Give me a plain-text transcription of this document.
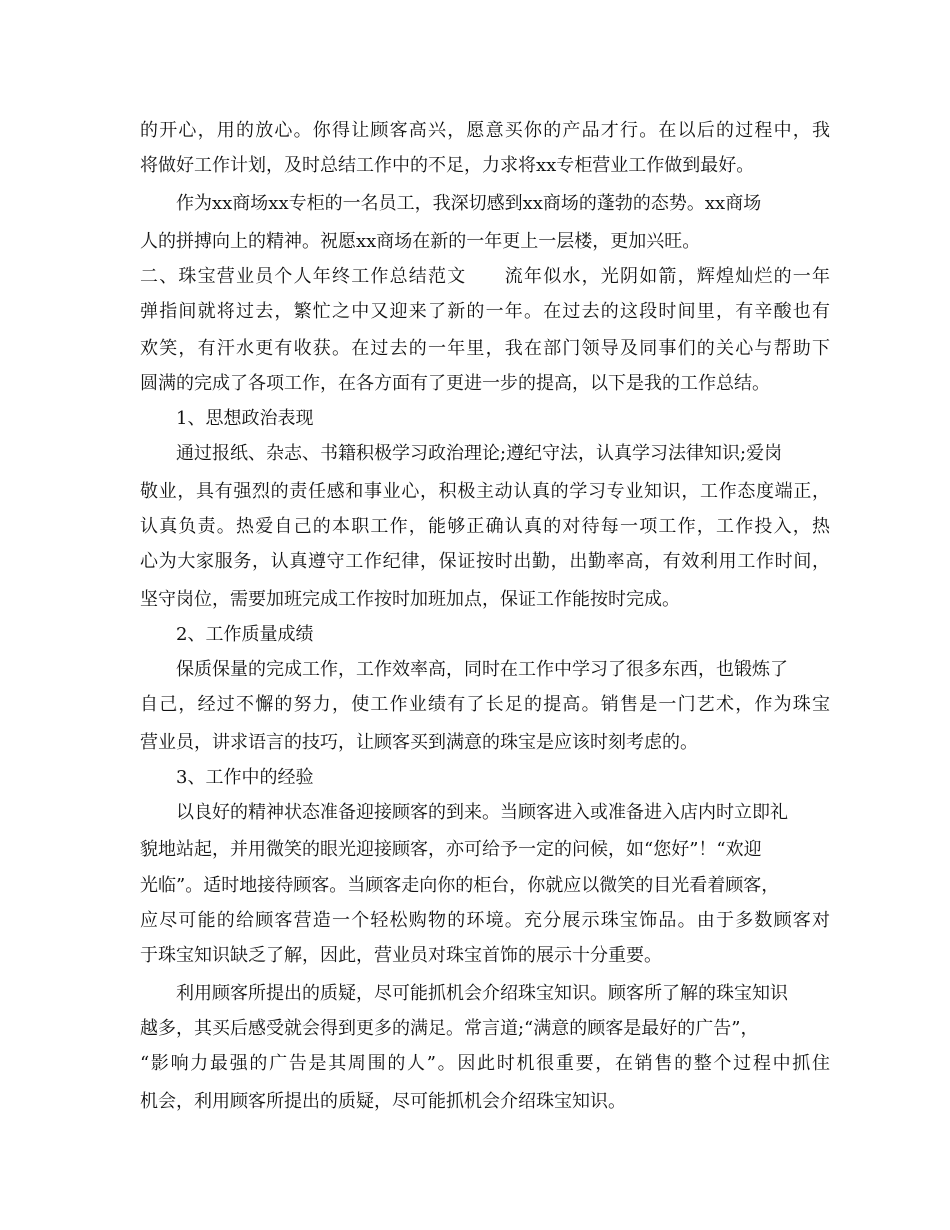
的开心，用的放心。你得让顾客高兴，愿意买你的产品才行。在以后的过程中，我
将做好工作计划，及时总结工作中的不足，力求将xx专柜营业工作做到最好。
作为xx商场xx专柜的一名员工，我深切感到xx商场的蓬勃的态势。xx商场
人的拼搏向上的精神。祝愿xx商场在新的一年更上一层楼，更加兴旺。
二、珠宝营业员个人年终工作总结范文　　流年似水，光阴如箭，辉煌灿烂的一年
弹指间就将过去，繁忙之中又迎来了新的一年。在过去的这段时间里，有辛酸也有
欢笑，有汗水更有收获。在过去的一年里，我在部门领导及同事们的关心与帮助下
圆满的完成了各项工作，在各方面有了更进一步的提高，以下是我的工作总结。
1、思想政治表现
通过报纸、杂志、书籍积极学习政治理论;遵纪守法，认真学习法律知识;爱岗
敬业，具有强烈的责任感和事业心，积极主动认真的学习专业知识，工作态度端正，
认真负责。热爱自己的本职工作，能够正确认真的对待每一项工作，工作投入，热
心为大家服务，认真遵守工作纪律，保证按时出勤，出勤率高，有效利用工作时间，
坚守岗位，需要加班完成工作按时加班加点，保证工作能按时完成。
2、工作质量成绩
保质保量的完成工作，工作效率高，同时在工作中学习了很多东西，也锻炼了
自己，经过不懈的努力，使工作业绩有了长足的提高。销售是一门艺术，作为珠宝
营业员，讲求语言的技巧，让顾客买到满意的珠宝是应该时刻考虑的。
3、工作中的经验
以良好的精神状态准备迎接顾客的到来。当顾客进入或准备进入店内时立即礼
貌地站起，并用微笑的眼光迎接顾客，亦可给予一定的问候，如“您好”！“欢迎
光临”。适时地接待顾客。当顾客走向你的柜台，你就应以微笑的目光看着顾客，
应尽可能的给顾客营造一个轻松购物的环境。充分展示珠宝饰品。由于多数顾客对
于珠宝知识缺乏了解，因此，营业员对珠宝首饰的展示十分重要。
利用顾客所提出的质疑，尽可能抓机会介绍珠宝知识。顾客所了解的珠宝知识
越多，其买后感受就会得到更多的满足。常言道;“满意的顾客是最好的广告”，
“影响力最强的广告是其周围的人”。因此时机很重要，在销售的整个过程中抓住
机会，利用顾客所提出的质疑，尽可能抓机会介绍珠宝知识。
